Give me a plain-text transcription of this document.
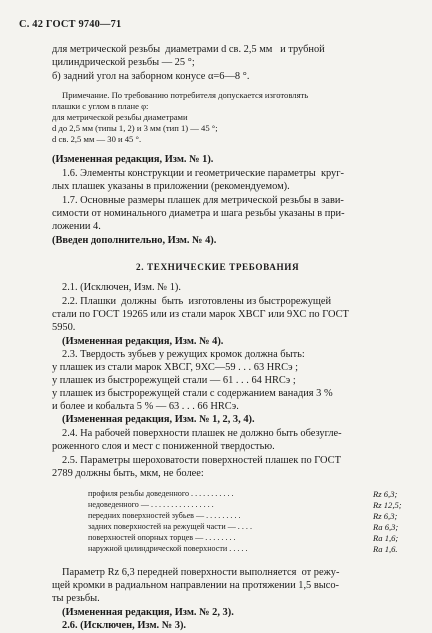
С. 42 ГОСТ 9740—71

для метрической резьбы  диаметрами d св. 2,5 мм   и трубной

цилиндрической резьбы — 25 °;

б) задний угол на заборном конусе α=6—8 °.

Примечание. По требованию потребителя допускается изготовлять

плашки с углом в плане φ:

для метрической резьбы диаметрами

d до 2,5 мм (типы 1, 2) и 3 мм (тип 1) — 45 °;

d св. 2,5 мм — 30 и 45 °.

(Измененная редакция, Изм. № 1).

1.6. Элементы конструкции и геометрические параметры  круг-

лых плашек указаны в приложении (рекомендуемом).

1.7. Основные размеры плашек для метрической резьбы в зави-

симости от номинального диаметра и шага резьбы указаны в при-

ложении 4.

(Введен дополнительно, Изм. № 4).

2. ТЕХНИЧЕСКИЕ ТРЕБОВАНИЯ

2.1. (Исключен, Изм. № 1).

2.2. Плашки  должны  быть  изготовлены из быстрорежущей

стали по ГОСТ 19265 или из стали марок ХВСГ или 9ХС по ГОСТ

5950.

(Измененная редакция, Изм. № 4).

2.3. Твердость зубьев у режущих кромок должна быть:

у плашек из стали марок ХВСГ, 9ХС—59 . . . 63 HRCэ ;

у плашек из быстрорежущей стали — 61 . . . 64 HRCэ ;

у плашек из быстрорежущей стали с содержанием ванадия 3 %

и более и кобальта 5 % — 63 . . . 66 HRCэ.

(Измененная редакция, Изм. № 1, 2, 3, 4).

2.4. На рабочей поверхности плашек не должно быть обезугле-

роженного слоя и мест с пониженной твердостью.

2.5. Параметры шероховатости поверхностей плашек по ГОСТ

2789 должны быть, мкм, не более:

профиля резьбы доведенного . . . . . . . . . . .	Rz 6,3;
недоведенного — . . . . . . . . . . . . . . . .	Rz 12,5;
передних поверхностей зубьев — . . . . . . . . .	Rz 6,3;
задних поверхностей на режущей части — . . . .	Ra 6,3;
поверхностей опорных торцев — . . . . . . . .	Ra 1,6;
наружной цилиндрической поверхности . . . . .	Ra 1,6.

Параметр Rz 6,3 передней поверхности выполняется  от режу-

щей кромки в радиальном направлении на протяжении 1,5 высо-

ты резьбы.

(Измененная редакция, Изм. № 2, 3).

2.6. (Исключен, Изм. № 3).
